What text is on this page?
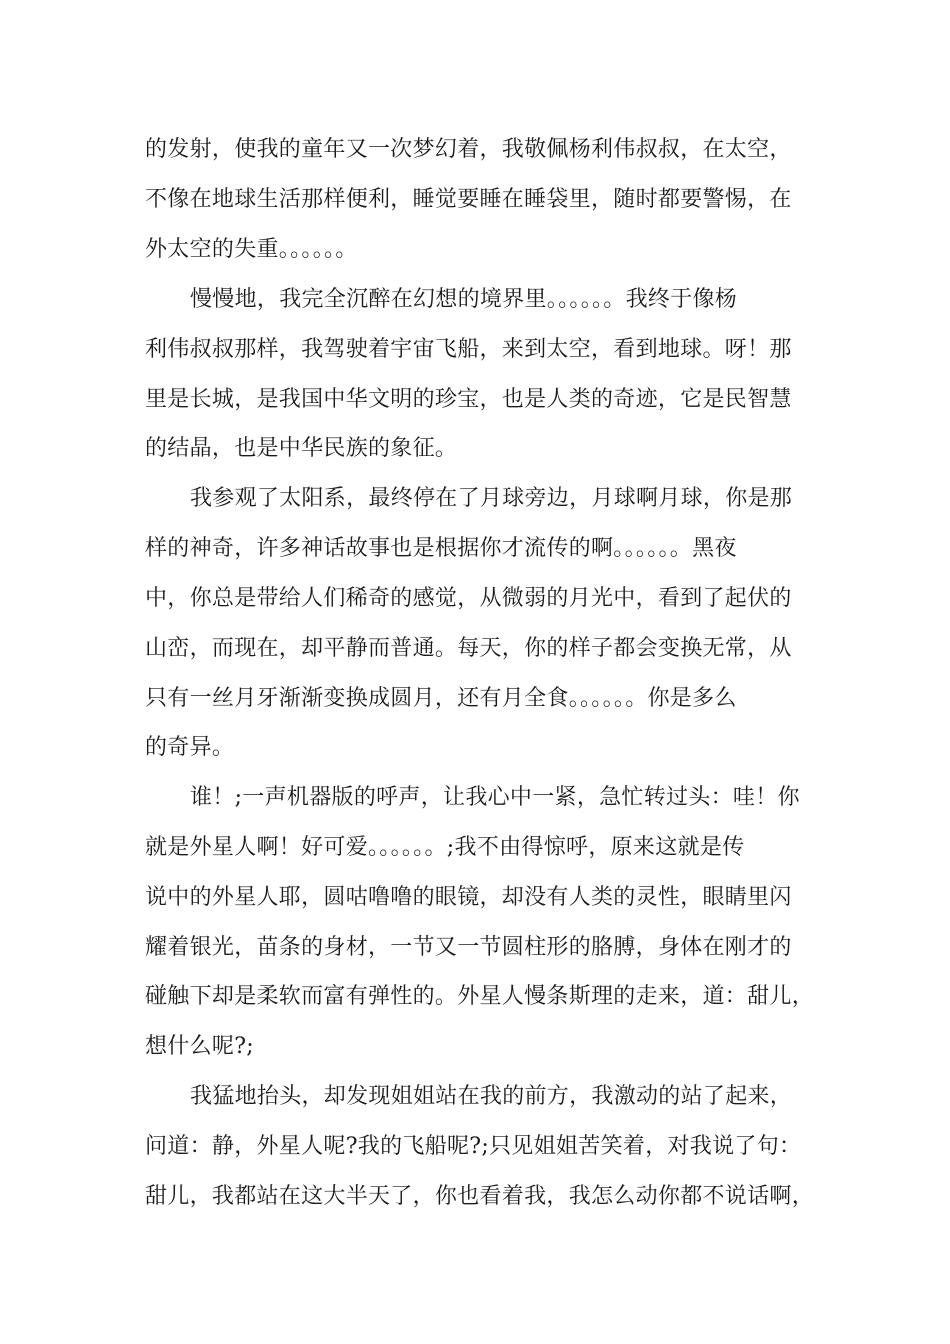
的发射，使我的童年又一次梦幻着，我敬佩杨利伟叔叔，在太空，
不像在地球生活那样便利，睡觉要睡在睡袋里，随时都要警惕，在
外太空的失重。。。。。。
慢慢地，我完全沉醉在幻想的境界里。。。。。。我终于像杨
利伟叔叔那样，我驾驶着宇宙飞船，来到太空，看到地球。呀！那
里是长城，是我国中华文明的珍宝，也是人类的奇迹，它是民智慧
的结晶，也是中华民族的象征。
我参观了太阳系，最终停在了月球旁边，月球啊月球，你是那
样的神奇，许多神话故事也是根据你才流传的啊。。。。。。黑夜
中，你总是带给人们稀奇的感觉，从微弱的月光中，看到了起伏的
山峦，而现在，却平静而普通。每天，你的样子都会变换无常，从
只有一丝月牙渐渐变换成圆月，还有月全食。。。。。。你是多么
的奇异。
谁！;一声机器版的呼声，让我心中一紧，急忙转过头：哇！你
就是外星人啊！好可爱。。。。。。;我不由得惊呼，原来这就是传
说中的外星人耶，圆咕噜噜的眼镜，却没有人类的灵性，眼睛里闪
耀着银光，苗条的身材，一节又一节圆柱形的胳膊，身体在刚才的
碰触下却是柔软而富有弹性的。外星人慢条斯理的走来，道：甜儿，
想什么呢?;
我猛地抬头，却发现姐姐站在我的前方，我激动的站了起来，
问道：静，外星人呢?我的飞船呢?;只见姐姐苦笑着，对我说了句：
甜儿，我都站在这大半天了，你也看着我，我怎么动你都不说话啊，
